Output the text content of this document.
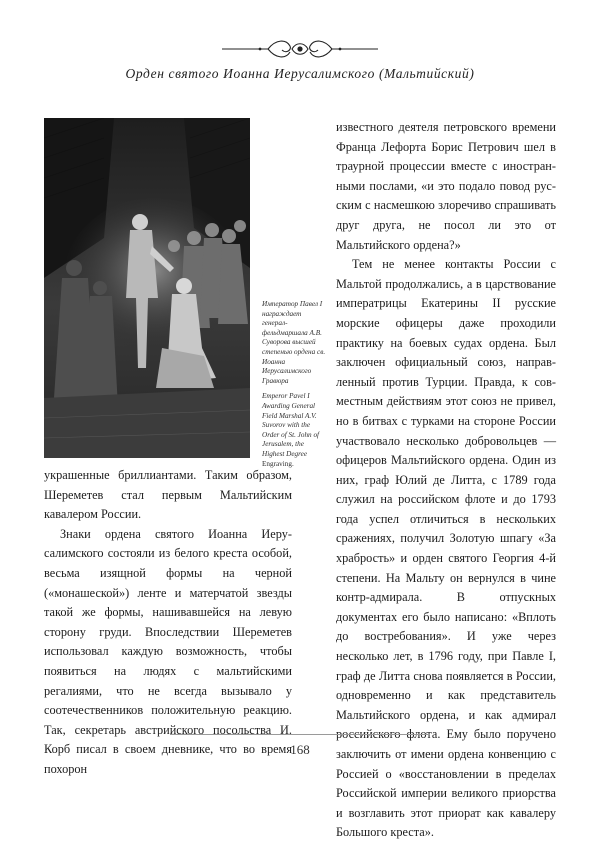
Орден святого Иоанна Иерусалимского (Мальтийский)

Император Павел I награждает генерал-фельдмаршала А.В. Суворова высшей степенью ордена св. Иоанна Иерусалимского Гравюра

Emperor Pavel I Awarding General Field Marshal A.V. Suvorov with the Order of St. John of Jerusalem, the Highest Degree Engraving.

украшенные бриллиантами. Таким образом, Шереметев стал первым Мальтийским кавалером России.

Знаки ордена святого Иоанна Иерусалимского состояли из белого креста особой, весьма изящной формы на черной («монашеской») ленте и матерчатой звезды такой же формы, нашивавшейся на левую сторону груди. Впоследствии Шереметев использовал каждую возможность, чтобы появиться на людях с мальтийскими регалиями, что не всегда вызывало у соотечественников положительную реакцию. Так, секретарь австрийского посольства И. Корб писал в своем дневнике, что во время похорон

известного деятеля петровского времени Франца Лефорта Борис Петрович шел в траурной процессии вместе с иностранными послами, «и это подало повод русским с насмешкою злоречиво спрашивать друг друга, не посол ли это от Мальтийского ордена?»

Тем не менее контакты России с Мальтой продолжались, а в царствование императрицы Екатерины II русские морские офицеры даже проходили практику на боевых судах ордена. Был заключен официальный союз, направленный против Турции. Правда, к совместным действиям этот союз не привел, но в битвах с турками на стороне России участвовало несколько добровольцев — офицеров Мальтийского ордена. Один из них, граф Юлий де Литта, с 1789 года служил на российском флоте и до 1793 года успел отличиться в нескольких сражениях, получил Золотую шпагу «За храбрость» и орден святого Георгия 4-й степени. На Мальту он вернулся в чине контр-адмирала. В отпускных документах его было написано: «Вплоть до востребования». И уже через несколько лет, в 1796 году, при Павле I, граф де Литта снова появляется в России, одновременно и как представитель Мальтийского ордена, и как адмирал российского флота. Ему было поручено заключить от имени ордена конвенцию с Россией о «восстановлении в пределах Российской империи великого приорства и возглавить этот приорат как кавалеру Большого креста».

168
